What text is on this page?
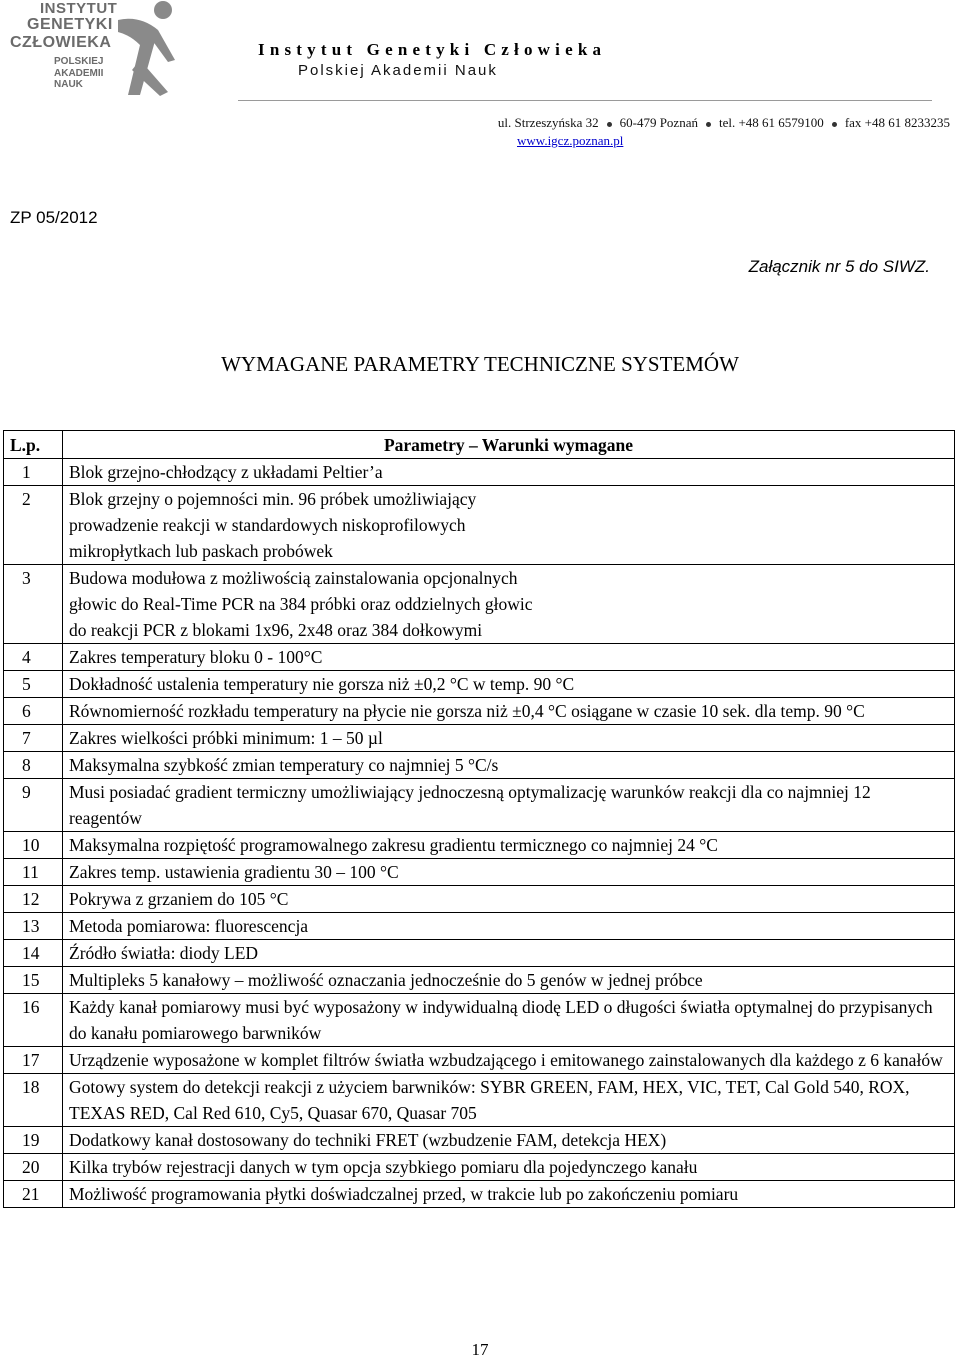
INSTYTUT
GENETYKI
CZŁOWIEKA
POLSKIEJ
AKADEMII
NAUK
Instytut Genetyki Człowieka
Polskiej Akademii Nauk
ul. Strzeszyńska 32 60-479 Poznań tel. +48 61 6579100 fax +48 61 8233235
www.igcz.poznan.pl
ZP 05/2012
Załącznik nr 5 do SIWZ.
WYMAGANE PARAMETRY TECHNICZNE SYSTEMÓW
L.p.	Parametry – Warunki wymagane
1	Blok grzejno-chłodzący z układami Peltier’a
2	Blok grzejny o pojemności min. 96 próbek umożliwiający prowadzenie reakcji w standardowych niskoprofilowych mikropłytkach lub paskach probówek

3	Budowa modułowa z możliwością zainstalowania opcjonalnych głowic do Real-Time PCR na 384 próbki oraz oddzielnych głowic do reakcji PCR z blokami 1x96, 2x48 oraz 384 dołkowymi

4	Zakres temperatury bloku 0 - 100°C
5	Dokładność ustalenia temperatury nie gorsza niż ±0,2 °C w temp. 90 °C
6	Równomierność rozkładu temperatury na płycie nie gorsza niż ±0,4 °C osiągane w czasie 10 sek. dla temp. 90 °C
7	Zakres wielkości próbki minimum: 1 – 50 µl
8	Maksymalna szybkość zmian temperatury co najmniej 5 °C/s
9	Musi posiadać gradient termiczny umożliwiający jednoczesną optymalizację warunków reakcji dla co najmniej 12 reagentów
10	Maksymalna rozpiętość programowalnego zakresu gradientu termicznego co najmniej 24 °C
11	Zakres temp. ustawienia gradientu 30 – 100 °C
12	Pokrywa z grzaniem do 105 °C
13	Metoda pomiarowa: fluorescencja
14	Źródło światła: diody LED
15	Multipleks 5 kanałowy – możliwość oznaczania jednocześnie do 5 genów w jednej próbce
16	Każdy kanał pomiarowy musi być wyposażony w indywidualną diodę LED o długości światła optymalnej do przypisanych do kanału pomiarowego barwników
17	Urządzenie wyposażone w komplet filtrów światła wzbudzającego i emitowanego zainstalowanych dla każdego z 6 kanałów
18	Gotowy system do detekcji reakcji z użyciem barwników: SYBR GREEN, FAM, HEX, VIC, TET, Cal Gold 540, ROX, TEXAS RED, Cal Red 610, Cy5, Quasar 670, Quasar 705
19	Dodatkowy kanał dostosowany do techniki FRET (wzbudzenie FAM, detekcja HEX)
20	Kilka trybów rejestracji danych w tym opcja szybkiego pomiaru dla pojedynczego kanału
21	Możliwość programowania płytki doświadczalnej przed, w trakcie lub po zakończeniu pomiaru
17
